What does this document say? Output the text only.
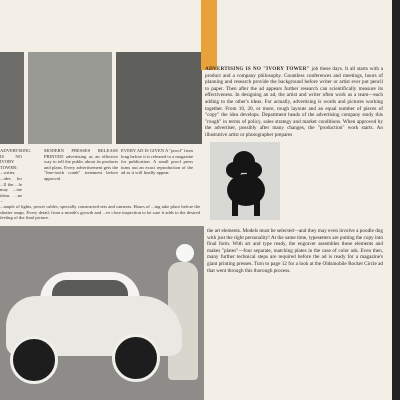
ADVERTISING IS NO IVORY TOWER: ...writer, ...ides for ...ll the ...le may ...ine ideas ...ne ...
MODERN PRESSES RELEASE PRINTED advertising as an effective way to tell the public about its products and plans. Every advertisement gets the "fine-tooth comb" treatment before approval.
EVERY AD IS GIVEN A "proof" from long before it is released to a magazine for publication. A small proof press turns out an exact reproduction of the ad as it will finally appear.
...ample of lights, power cables, specially constructed sets and cameras. Hours of ...ing take place before the shutter snaps. Every detail, from a month's growth and ...ve close inspection to be sure it adds to the desired feeling of the final picture.
ADVERTISING IS NO "IVORY TOWER" job these days. It all starts with a product and a company philosophy. Countless conferences and meetings, hours of planning and research provide the background before writer or artist ever put pencil to paper. Then after the ad appears further research can scientifically measure its effectiveness. In designing an ad, the artist and writer often work as a team—each adding to the other's ideas. For actually, advertising is words and pictures working together. From 10, 20, or more, rough layouts and an equal number of pieces of "copy" the idea develops. Department heads of the advertising company study this "rough" in terms of policy, sales strategy and market conditions. When approved by the advertiser, possibly after many changes, the "production" work starts. An illustrative artist or photographer prepares
the art elements. Models must be selected—and they may even involve a poodle dog with just the right personality! At the same time, typesetters are putting the copy into final form. With art and type ready, the engraver assembles these elements and makes "plates"—four separate, matching plates in the case of color ads. Even then, many further technical steps are required before the ad is ready for a magazine's giant printing presses. Turn to page 12 for a look at the Oldsmobile Rocket Circle ad that went through this thorough process.
